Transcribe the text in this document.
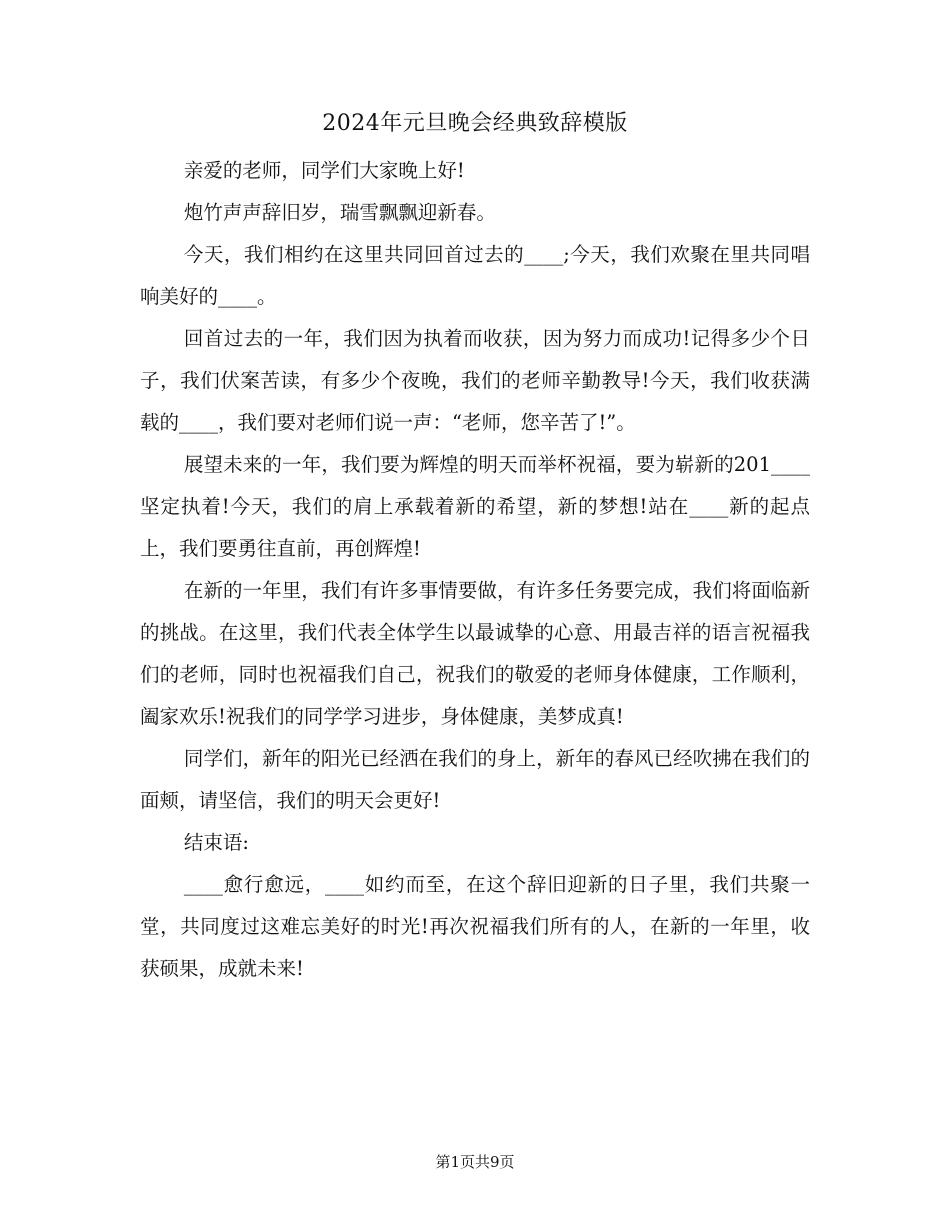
2024年元旦晚会经典致辞模版

亲爱的老师，同学们大家晚上好!

炮竹声声辞旧岁，瑞雪飘飘迎新春。

今天，我们相约在这里共同回首过去的____;今天，我们欢聚在里共同唱响美好的____。

回首过去的一年，我们因为执着而收获，因为努力而成功!记得多少个日子，我们伏案苦读，有多少个夜晚，我们的老师辛勤教导!今天，我们收获满载的____，我们要对老师们说一声：“老师，您辛苦了!”。

展望未来的一年，我们要为辉煌的明天而举杯祝福，要为崭新的201____坚定执着!今天，我们的肩上承载着新的希望，新的梦想!站在____新的起点上，我们要勇往直前，再创辉煌!

在新的一年里，我们有许多事情要做，有许多任务要完成，我们将面临新的挑战。在这里，我们代表全体学生以最诚挚的心意、用最吉祥的语言祝福我们的老师，同时也祝福我们自己，祝我们的敬爱的老师身体健康，工作顺利，阖家欢乐!祝我们的同学学习进步，身体健康，美梦成真!

同学们，新年的阳光已经洒在我们的身上，新年的春风已经吹拂在我们的面颊，请坚信，我们的明天会更好!

结束语:

____愈行愈远，____如约而至，在这个辞旧迎新的日子里，我们共聚一堂，共同度过这难忘美好的时光!再次祝福我们所有的人，在新的一年里，收获硕果，成就未来!

第1页共9页
